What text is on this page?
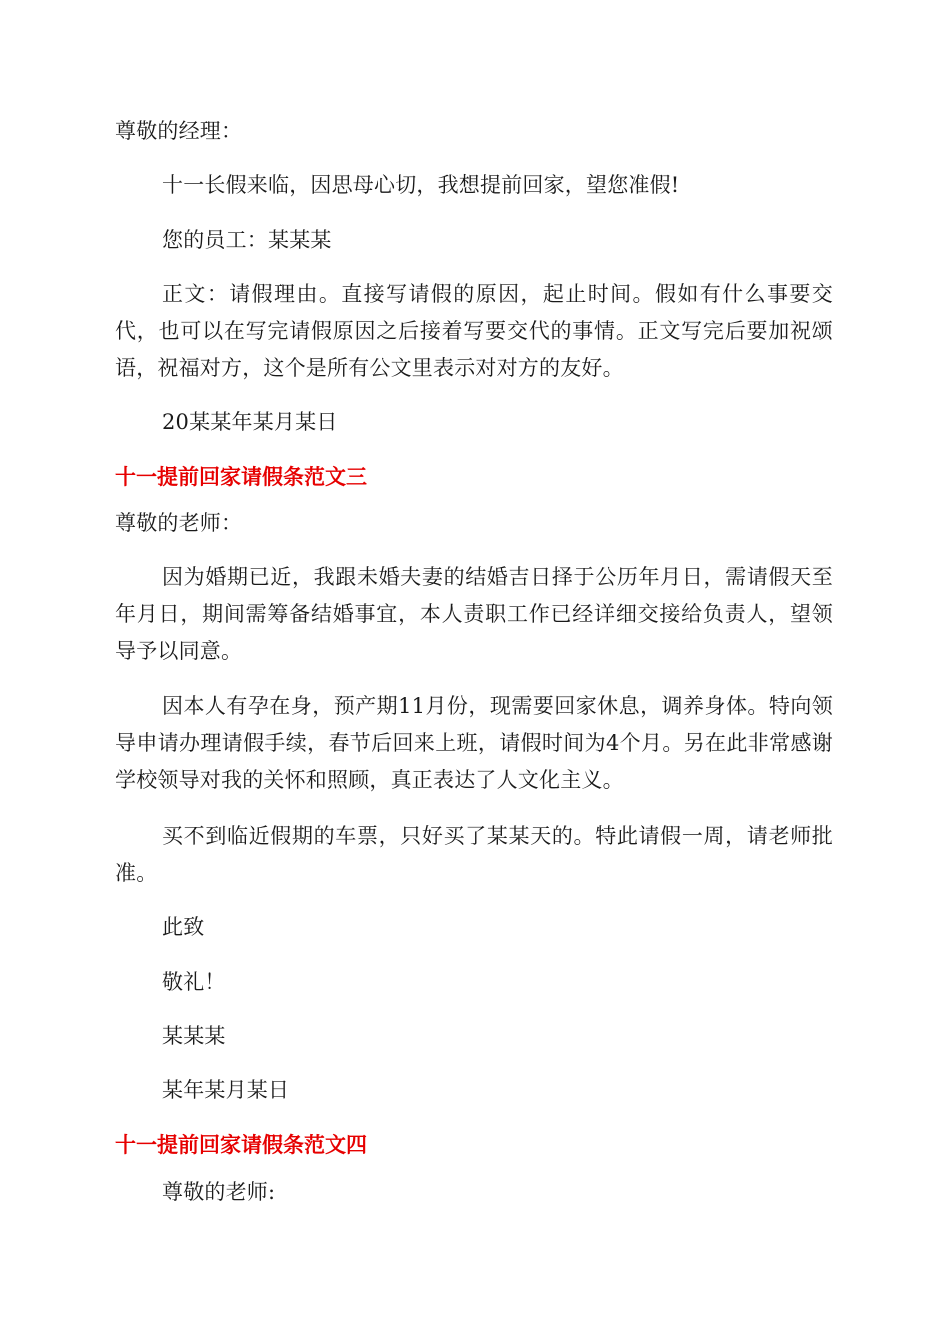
尊敬的经理：

十一长假来临，因思母心切，我想提前回家，望您准假!

您的员工：某某某

正文：请假理由。直接写请假的原因，起止时间。假如有什么事要交代，也可以在写完请假原因之后接着写要交代的事情。正文写完后要加祝颂语，祝福对方，这个是所有公文里表示对对方的友好。

20某某年某月某日

十一提前回家请假条范文三

尊敬的老师：

因为婚期已近，我跟未婚夫妻的结婚吉日择于公历年月日，需请假天至年月日，期间需筹备结婚事宜，本人责职工作已经详细交接给负责人，望领导予以同意。

因本人有孕在身，预产期11月份，现需要回家休息，调养身体。特向领导申请办理请假手续，春节后回来上班，请假时间为4个月。另在此非常感谢学校领导对我的关怀和照顾，真正表达了人文化主义。

买不到临近假期的车票，只好买了某某天的。特此请假一周，请老师批准。

此致

敬礼！

某某某

某年某月某日

十一提前回家请假条范文四

尊敬的老师:
